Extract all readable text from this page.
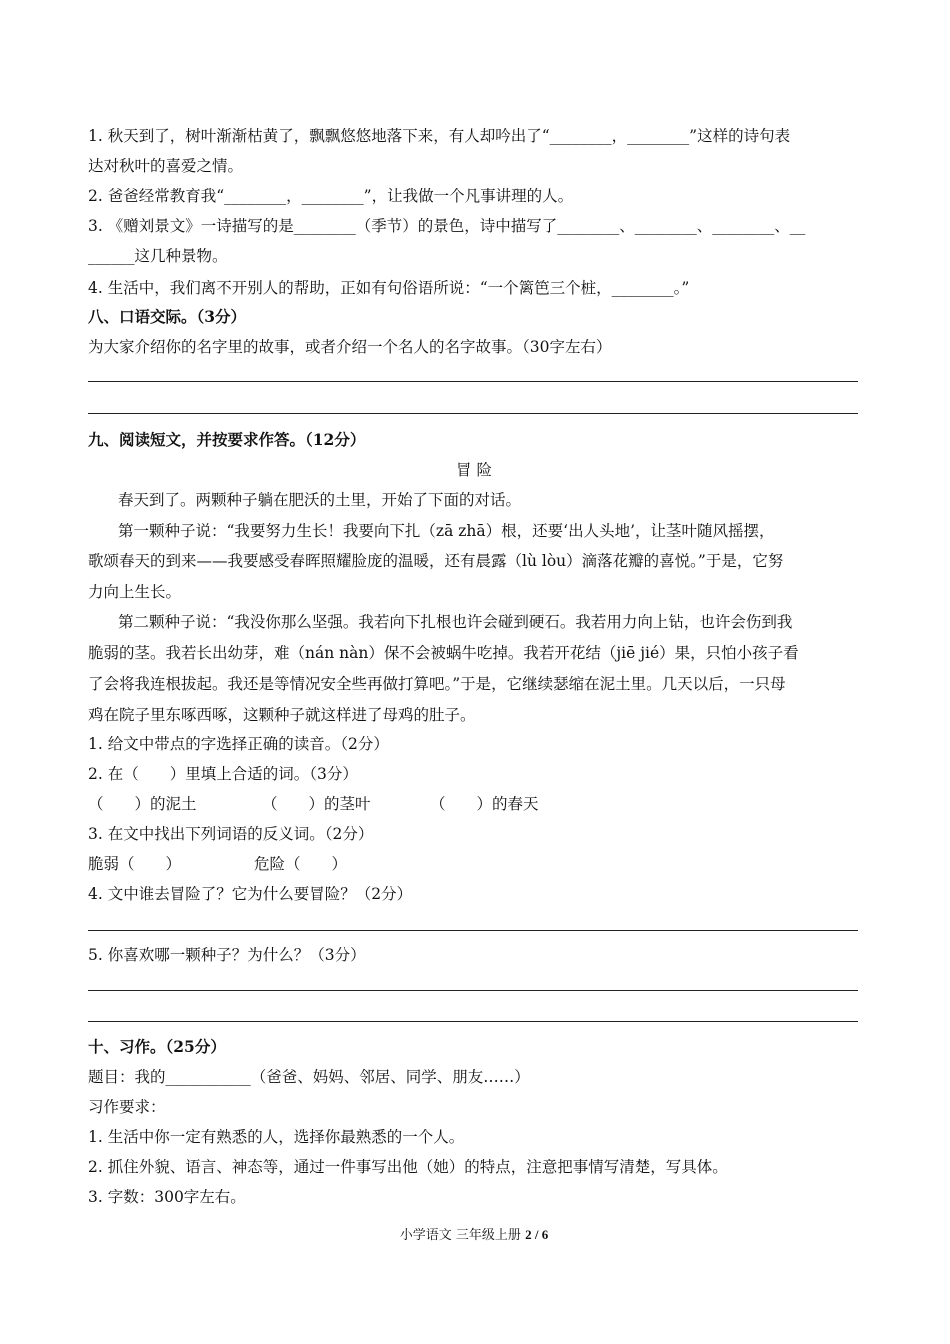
1. 秋天到了，树叶渐渐枯黄了，飘飘悠悠地落下来，有人却吟出了“________，________”这样的诗句表
达对秋叶的喜爱之情。
2. 爸爸经常教育我“________，________”，让我做一个凡事讲理的人。
3. 《赠刘景文》一诗描写的是________（季节）的景色，诗中描写了________、________、________、__
______这几种景物。
4. 生活中，我们离不开别人的帮助，正如有句俗语所说：“一个篱笆三个桩，________。”
八、口语交际。（3分）
为大家介绍你的名字里的故事，或者介绍一个名人的名字故事。（30字左右）
九、阅读短文，并按要求作答。（12分）
冒 险
春天到了。两颗种子躺在肥沃的土里，开始了下面的对话。
第一颗种子说：“我要努力生长！我要向下扎（zā zhā）根，还要‘出人头地’，让茎叶随风摇摆，
歌颂春天的到来——我要感受春晖照耀脸庞的温暖，还有晨露（lù lòu）滴落花瓣的喜悦。”于是，它努
力向上生长。
第二颗种子说：“我没你那么坚强。我若向下扎根也许会碰到硬石。我若用力向上钻，也许会伤到我
脆弱的茎。我若长出幼芽，难（nán nàn）保不会被蜗牛吃掉。我若开花结（jiē jié）果，只怕小孩子看
了会将我连根拔起。我还是等情况安全些再做打算吧。”于是，它继续瑟缩在泥土里。几天以后，一只母
鸡在院子里东啄西啄，这颗种子就这样进了母鸡的肚子。
1. 给文中带点的字选择正确的读音。（2分）
2. 在（　　）里填上合适的词。（3分）
（　　）的泥土	（　　）的茎叶	（　　）的春天
3. 在文中找出下列词语的反义词。（2分）
脆弱（　　）	危险（　　）
4. 文中谁去冒险了？它为什么要冒险？（2分）
5. 你喜欢哪一颗种子？为什么？（3分）
十、习作。（25分）
题目：我的___________（爸爸、妈妈、邻居、同学、朋友……）
习作要求：
1. 生活中你一定有熟悉的人，选择你最熟悉的一个人。
2. 抓住外貌、语言、神态等，通过一件事写出他（她）的特点，注意把事情写清楚，写具体。
3. 字数：300字左右。
小学语文 三年级上册 2 / 6
